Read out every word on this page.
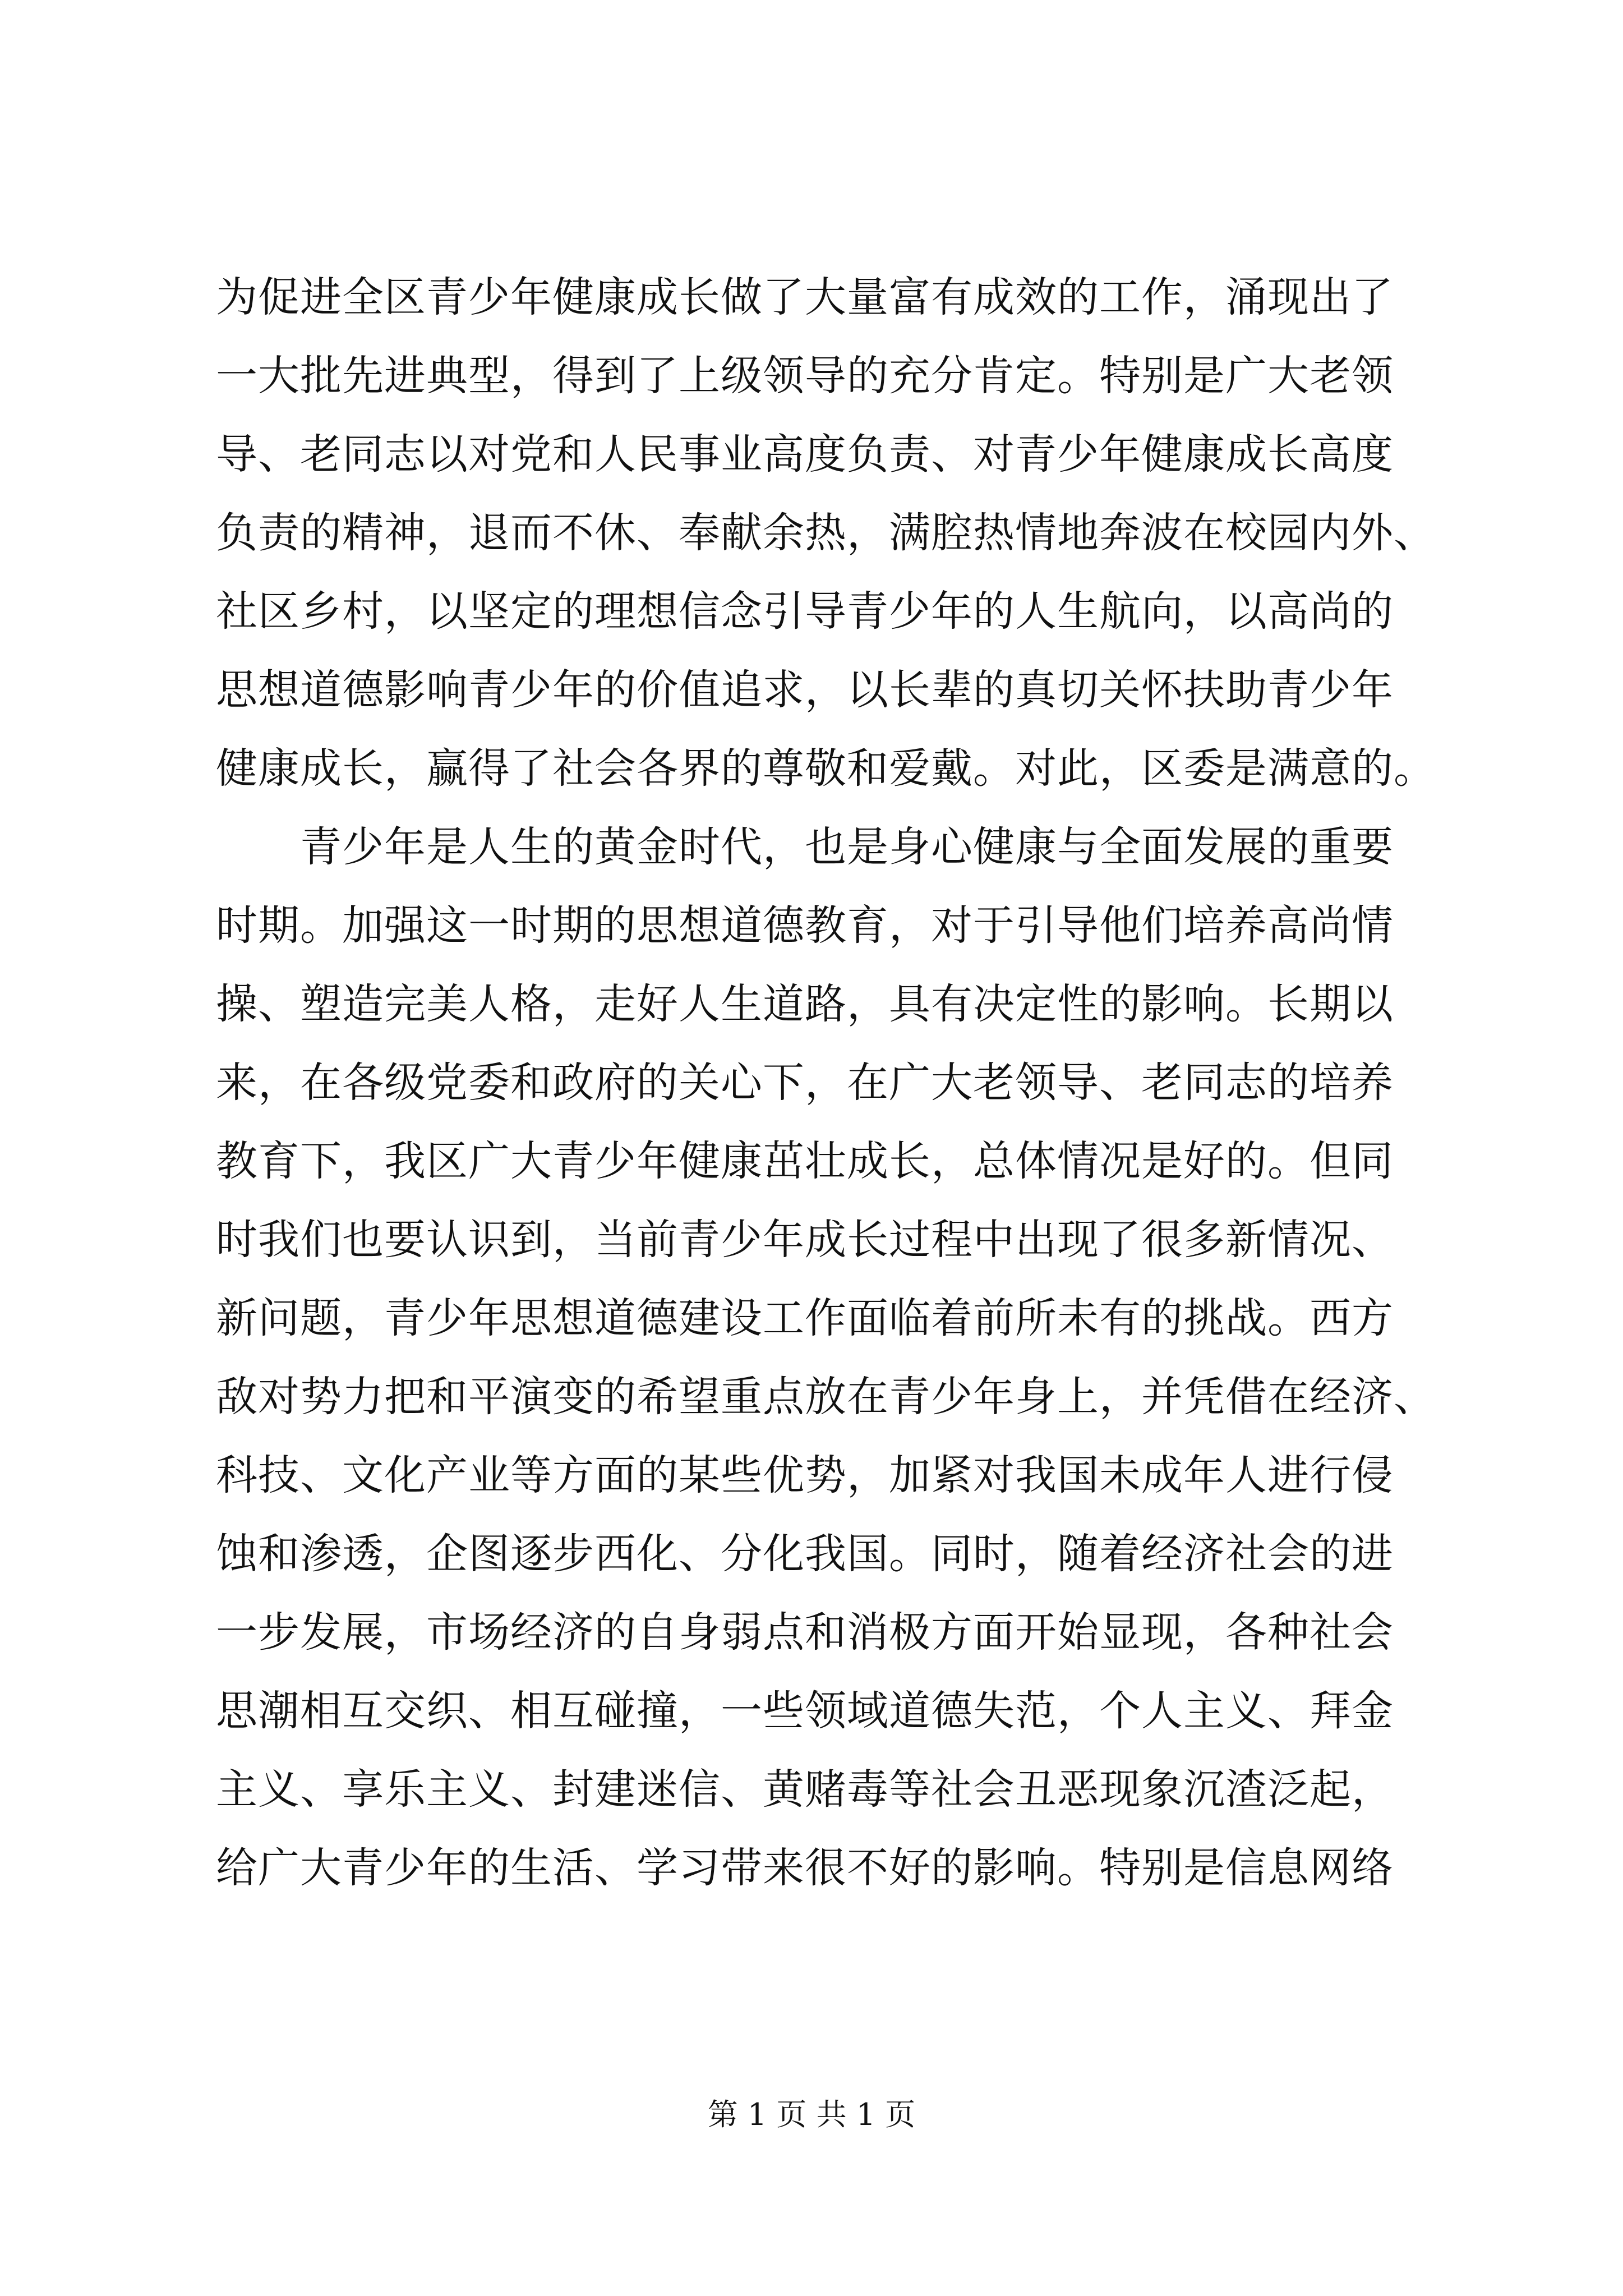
为促进全区青少年健康成长做了大量富有成效的工作，涌现出了
一大批先进典型，得到了上级领导的充分肯定。特别是广大老领
导、老同志以对党和人民事业高度负责、对青少年健康成长高度
负责的精神，退而不休、奉献余热，满腔热情地奔波在校园内外、
社区乡村，以坚定的理想信念引导青少年的人生航向，以高尚的
思想道德影响青少年的价值追求，以长辈的真切关怀扶助青少年
健康成长，赢得了社会各界的尊敬和爱戴。对此，区委是满意的。
青少年是人生的黄金时代，也是身心健康与全面发展的重要
时期。加强这一时期的思想道德教育，对于引导他们培养高尚情
操、塑造完美人格，走好人生道路，具有决定性的影响。长期以
来，在各级党委和政府的关心下，在广大老领导、老同志的培养
教育下，我区广大青少年健康茁壮成长，总体情况是好的。但同
时我们也要认识到，当前青少年成长过程中出现了很多新情况、
新问题，青少年思想道德建设工作面临着前所未有的挑战。西方
敌对势力把和平演变的希望重点放在青少年身上，并凭借在经济、
科技、文化产业等方面的某些优势，加紧对我国未成年人进行侵
蚀和渗透，企图逐步西化、分化我国。同时，随着经济社会的进
一步发展，市场经济的自身弱点和消极方面开始显现，各种社会
思潮相互交织、相互碰撞，一些领域道德失范，个人主义、拜金
主义、享乐主义、封建迷信、黄赌毒等社会丑恶现象沉渣泛起，
给广大青少年的生活、学习带来很不好的影响。特别是信息网络
第 1 页 共 1 页
